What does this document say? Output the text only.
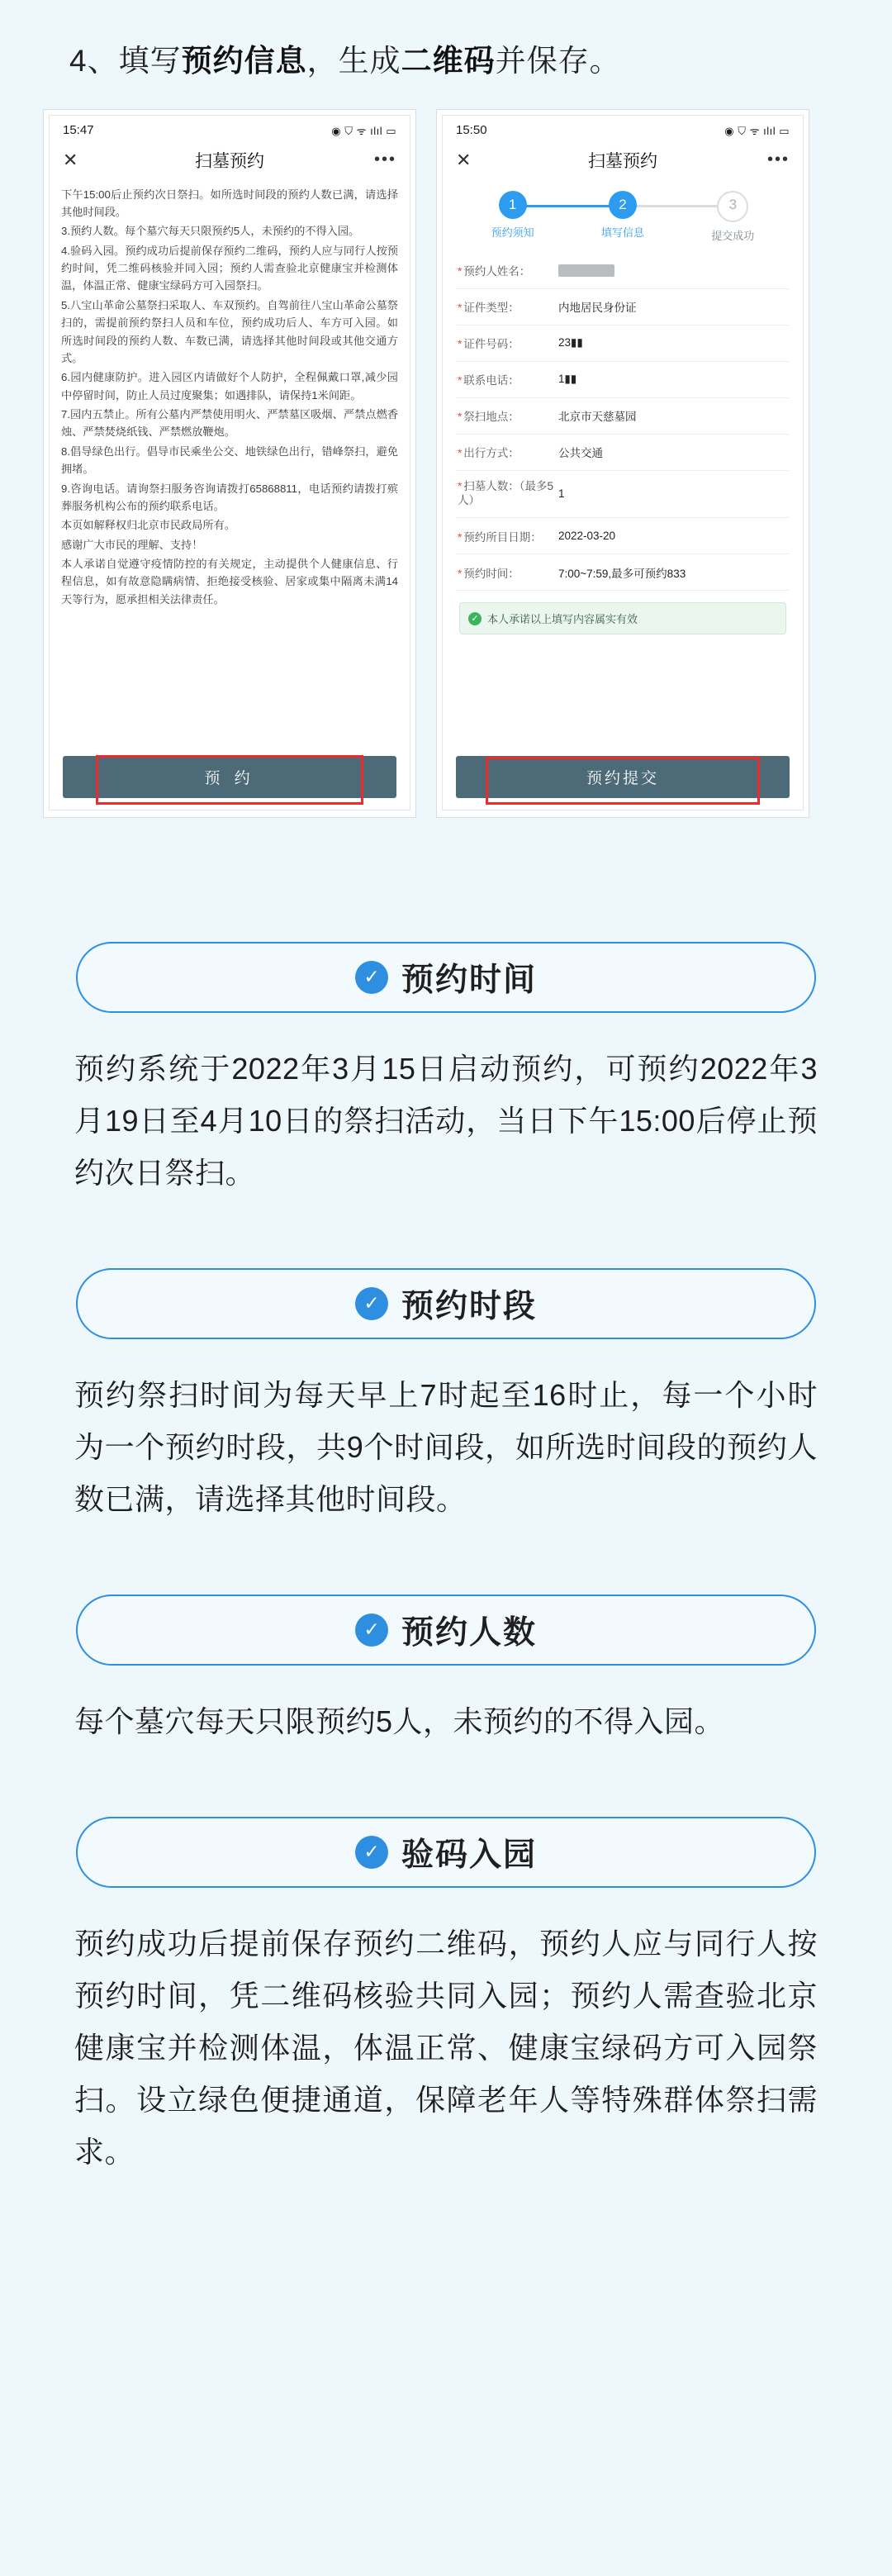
4、填写预约信息，生成二维码并保存。
15:47	◉ ⛉ ᯤ ılıl ▭
✕	扫墓预约	•••

下午15:00后止预约次日祭扫。如所选时间段的预约人数已满，请选择其他时间段。

3.预约人数。每个墓穴每天只限预约5人，未预约的不得入园。

4.验码入园。预约成功后提前保存预约二维码，预约人应与同行人按预约时间，凭二维码核验并同入园；预约人需查验北京健康宝并检测体温，体温正常、健康宝绿码方可入园祭扫。

5.八宝山革命公墓祭扫采取人、车双预约。自驾前往八宝山革命公墓祭扫的，需提前预约祭扫人员和车位，预约成功后人、车方可入园。如所选时间段的预约人数、车数已满，请选择其他时间段或其他交通方式。

6.园内健康防护。进入园区内请做好个人防护，全程佩戴口罩,减少园中停留时间，防止人员过度聚集；如遇排队，请保持1米间距。

7.园内五禁止。所有公墓内严禁使用明火、严禁墓区吸烟、严禁点燃香烛、严禁焚烧纸钱、严禁燃放鞭炮。

8.倡导绿色出行。倡导市民乘坐公交、地铁绿色出行，错峰祭扫，避免拥堵。

9.咨询电话。请询祭扫服务咨询请拨打65868811，电话预约请拨打殡葬服务机构公布的预约联系电话。

本页如解释权归北京市民政局所有。

感谢广大市民的理解、支持！

本人承诺自觉遵守疫情防控的有关规定，主动提供个人健康信息、行程信息，如有故意隐瞒病情、拒绝接受核验、居家或集中隔离未满14天等行为，愿承担相关法律责任。

预 约
15:50	◉ ⛉ ᯤ ılıl ▭
✕	扫墓预约	•••
1
预约须知
2
填写信息
3
提交成功
* 预约人姓名：
* 证件类型：	内地居民身份证
* 证件号码：	23▮▮
* 联系电话：	1▮▮
* 祭扫地点：	北京市天慈墓园
* 出行方式：	公共交通
* 扫墓人数：（最多5人）	1
* 预约所目日期：	2022-03-20
* 预约时间：	7:00~7:59,最多可预约833
✓ 本人承诺以上填写内容属实有效
预约提交
✓ 预约时间
预约系统于2022年3月15日启动预约，可预约2022年3月19日至4月10日的祭扫活动，当日下午15:00后停止预约次日祭扫。
✓ 预约时段
预约祭扫时间为每天早上7时起至16时止，每一个小时为一个预约时段，共9个时间段，如所选时间段的预约人数已满，请选择其他时间段。
✓ 预约人数
每个墓穴每天只限预约5人，未预约的不得入园。
✓ 验码入园
预约成功后提前保存预约二维码，预约人应与同行人按预约时间，凭二维码核验共同入园；预约人需查验北京健康宝并检测体温，体温正常、健康宝绿码方可入园祭扫。设立绿色便捷通道，保障老年人等特殊群体祭扫需求。
